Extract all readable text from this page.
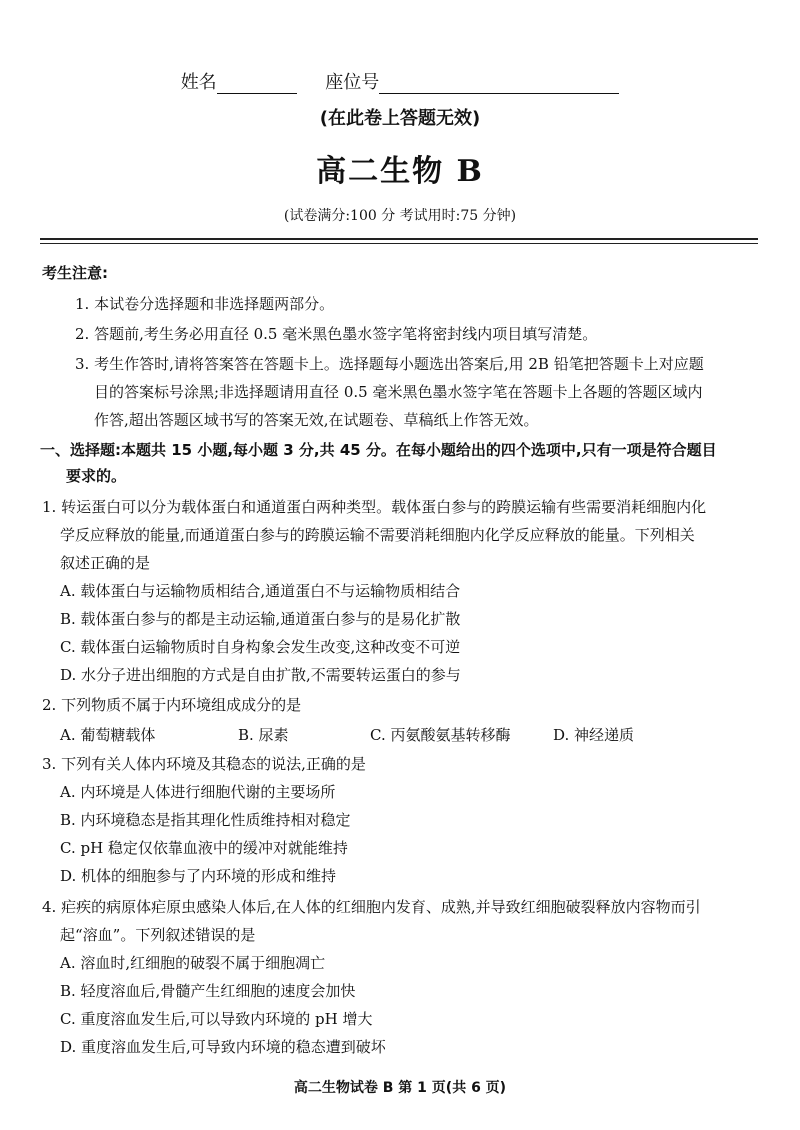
姓名	座位号
(在此卷上答题无效)
高二生物 B
(试卷满分:100 分 考试用时:75 分钟)
考生注意:
1. 本试卷分选择题和非选择题两部分。
2. 答题前,考生务必用直径 0.5 毫米黑色墨水签字笔将密封线内项目填写清楚。
3. 考生作答时,请将答案答在答题卡上。选择题每小题选出答案后,用 2B 铅笔把答题卡上对应题
目的答案标号涂黑;非选择题请用直径 0.5 毫米黑色墨水签字笔在答题卡上各题的答题区域内
作答,超出答题区域书写的答案无效,在试题卷、草稿纸上作答无效。
一、选择题:本题共 15 小题,每小题 3 分,共 45 分。在每小题给出的四个选项中,只有一项是符合题目
要求的。
1. 转运蛋白可以分为载体蛋白和通道蛋白两种类型。载体蛋白参与的跨膜运输有些需要消耗细胞内化
学反应释放的能量,而通道蛋白参与的跨膜运输不需要消耗细胞内化学反应释放的能量。下列相关
叙述正确的是
A. 载体蛋白与运输物质相结合,通道蛋白不与运输物质相结合
B. 载体蛋白参与的都是主动运输,通道蛋白参与的是易化扩散
C. 载体蛋白运输物质时自身构象会发生改变,这种改变不可逆
D. 水分子进出细胞的方式是自由扩散,不需要转运蛋白的参与
2. 下列物质不属于内环境组成成分的是
A. 葡萄糖载体	B. 尿素	C. 丙氨酸氨基转移酶	D. 神经递质
3. 下列有关人体内环境及其稳态的说法,正确的是
A. 内环境是人体进行细胞代谢的主要场所
B. 内环境稳态是指其理化性质维持相对稳定
C. pH 稳定仅依靠血液中的缓冲对就能维持
D. 机体的细胞参与了内环境的形成和维持
4. 疟疾的病原体疟原虫感染人体后,在人体的红细胞内发育、成熟,并导致红细胞破裂释放内容物而引
起“溶血”。下列叙述错误的是
A. 溶血时,红细胞的破裂不属于细胞凋亡
B. 轻度溶血后,骨髓产生红细胞的速度会加快
C. 重度溶血发生后,可以导致内环境的 pH 增大
D. 重度溶血发生后,可导致内环境的稳态遭到破坏
高二生物试卷 B 第 1 页(共 6 页)
